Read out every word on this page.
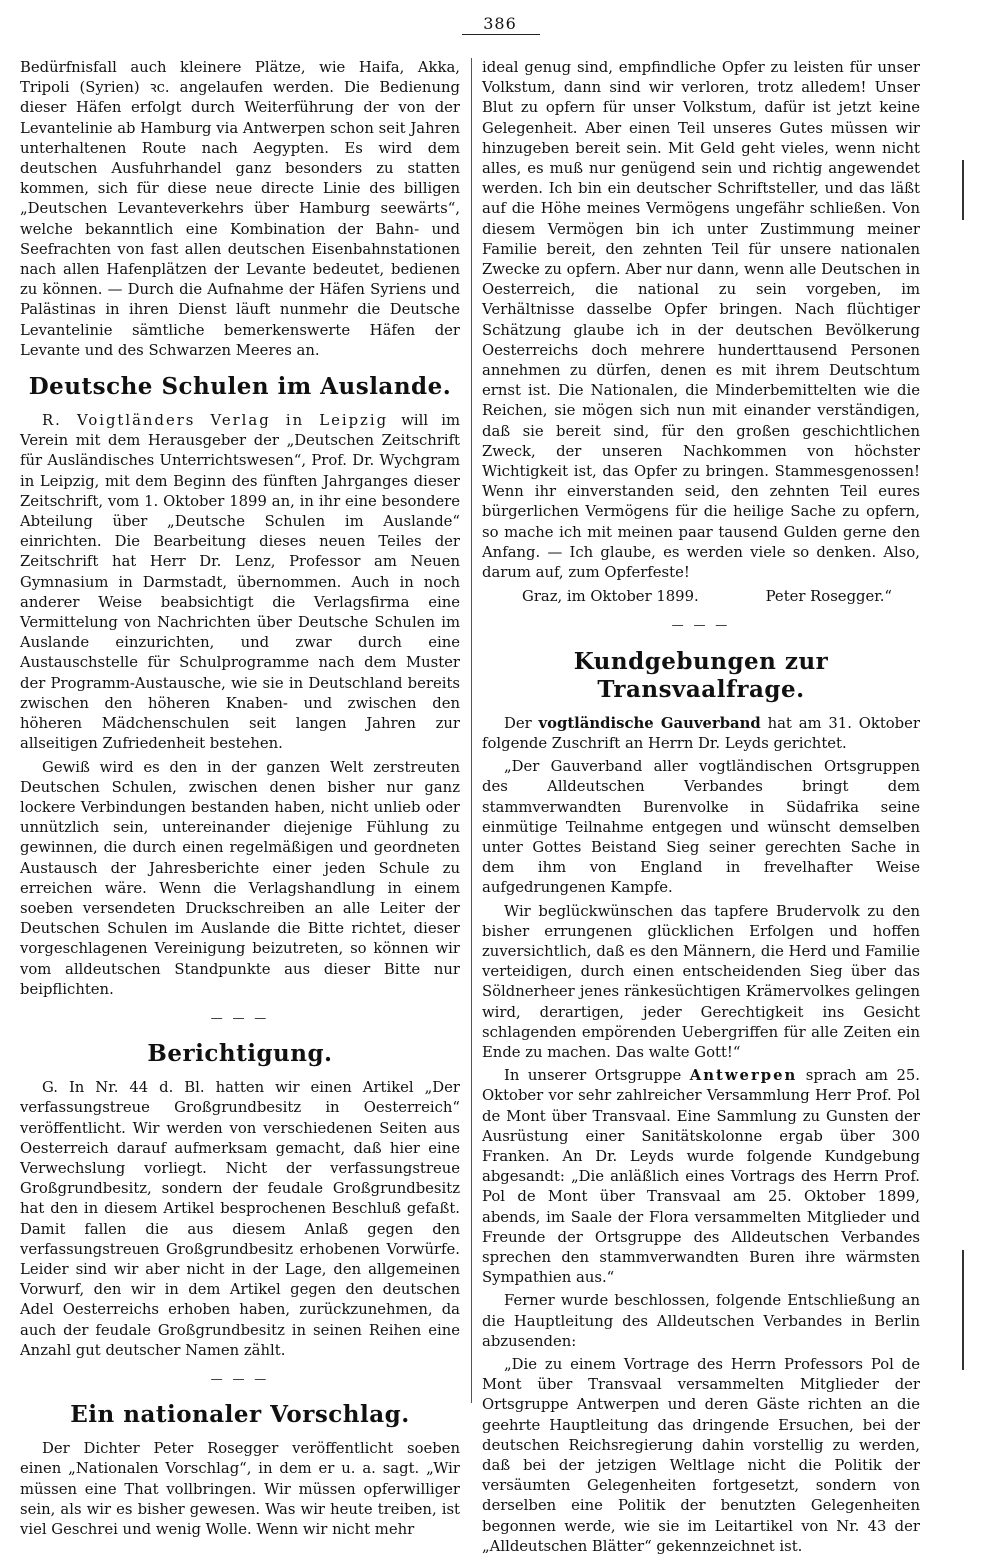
386

Bedürfnisfall auch kleinere Plätze, wie Haifa, Akka, Tripoli (Syrien) ꝛc. angelaufen werden. Die Bedienung dieser Häfen erfolgt durch Weiterführung der von der Levantelinie ab Hamburg via Antwerpen schon seit Jahren unterhaltenen Route nach Aegypten. Es wird dem deutschen Ausfuhrhandel ganz besonders zu statten kommen, sich für diese neue directe Linie des billigen „Deutschen Levanteverkehrs über Hamburg seewärts“, welche bekanntlich eine Kombination der Bahn- und Seefrachten von fast allen deutschen Eisenbahnstationen nach allen Hafenplätzen der Levante bedeutet, bedienen zu können. — Durch die Aufnahme der Häfen Syriens und Palästinas in ihren Dienst läuft nunmehr die Deutsche Levantelinie sämtliche bemerkenswerte Häfen der Levante und des Schwarzen Meeres an.

Deutsche Schulen im Auslande.

R. Voigtländers Verlag in Leipzig will im Verein mit dem Herausgeber der „Deutschen Zeitschrift für Ausländisches Unterrichtswesen“, Prof. Dr. Wychgram in Leipzig, mit dem Beginn des fünften Jahrganges dieser Zeitschrift, vom 1. Oktober 1899 an, in ihr eine besondere Abteilung über „Deutsche Schulen im Auslande“ einrichten. Die Bearbeitung dieses neuen Teiles der Zeitschrift hat Herr Dr. Lenz, Professor am Neuen Gymnasium in Darmstadt, übernommen. Auch in noch anderer Weise beabsichtigt die Verlagsfirma eine Vermittelung von Nachrichten über Deutsche Schulen im Auslande einzurichten, und zwar durch eine Austauschstelle für Schulprogramme nach dem Muster der Programm-Austausche, wie sie in Deutschland bereits zwischen den höheren Knaben- und zwischen den höheren Mädchenschulen seit langen Jahren zur allseitigen Zufriedenheit bestehen.

Gewiß wird es den in der ganzen Welt zerstreuten Deutschen Schulen, zwischen denen bisher nur ganz lockere Verbindungen bestanden haben, nicht unlieb oder unnützlich sein, untereinander diejenige Fühlung zu gewinnen, die durch einen regelmäßigen und geordneten Austausch der Jahresberichte einer jeden Schule zu erreichen wäre. Wenn die Verlagshandlung in einem soeben versendeten Druckschreiben an alle Leiter der Deutschen Schulen im Auslande die Bitte richtet, dieser vorgeschlagenen Vereinigung beizutreten, so können wir vom alldeutschen Standpunkte aus dieser Bitte nur beipflichten.

— — —
Berichtigung.

G. In Nr. 44 d. Bl. hatten wir einen Artikel „Der verfassungstreue Großgrundbesitz in Oesterreich“ veröffentlicht. Wir werden von verschiedenen Seiten aus Oesterreich darauf aufmerksam gemacht, daß hier eine Verwechslung vorliegt. Nicht der verfassungstreue Großgrundbesitz, sondern der feudale Großgrundbesitz hat den in diesem Artikel besprochenen Beschluß gefaßt. Damit fallen die aus diesem Anlaß gegen den verfassungstreuen Großgrundbesitz erhobenen Vorwürfe. Leider sind wir aber nicht in der Lage, den allgemeinen Vorwurf, den wir in dem Artikel gegen den deutschen Adel Oesterreichs erhoben haben, zurückzunehmen, da auch der feudale Großgrundbesitz in seinen Reihen eine Anzahl gut deutscher Namen zählt.

— — —
Ein nationaler Vorschlag.

Der Dichter Peter Rosegger veröffentlicht soeben einen „Nationalen Vorschlag“, in dem er u. a. sagt. „Wir müssen eine That vollbringen. Wir müssen opferwilliger sein, als wir es bisher gewesen. Was wir heute treiben, ist viel Geschrei und wenig Wolle. Wenn wir nicht mehr

ideal genug sind, empfindliche Opfer zu leisten für unser Volkstum, dann sind wir verloren, trotz alledem! Unser Blut zu opfern für unser Volkstum, dafür ist jetzt keine Gelegenheit. Aber einen Teil unseres Gutes müssen wir hinzugeben bereit sein. Mit Geld geht vieles, wenn nicht alles, es muß nur genügend sein und richtig angewendet werden. Ich bin ein deutscher Schriftsteller, und das läßt auf die Höhe meines Vermögens ungefähr schließen. Von diesem Vermögen bin ich unter Zustimmung meiner Familie bereit, den zehnten Teil für unsere nationalen Zwecke zu opfern. Aber nur dann, wenn alle Deutschen in Oesterreich, die national zu sein vorgeben, im Verhältnisse dasselbe Opfer bringen. Nach flüchtiger Schätzung glaube ich in der deutschen Bevölkerung Oesterreichs doch mehrere hunderttausend Personen annehmen zu dürfen, denen es mit ihrem Deutschtum ernst ist. Die Nationalen, die Minderbemittelten wie die Reichen, sie mögen sich nun mit einander verständigen, daß sie bereit sind, für den großen geschichtlichen Zweck, der unseren Nachkommen von höchster Wichtigkeit ist, das Opfer zu bringen. Stammesgenossen! Wenn ihr einverstanden seid, den zehnten Teil eures bürgerlichen Vermögens für die heilige Sache zu opfern, so mache ich mit meinen paar tausend Gulden gerne den Anfang. — Ich glaube, es werden viele so denken. Also, darum auf, zum Opferfeste!

Graz, im Oktober 1899.	Peter Rosegger.“
— — —
Kundgebungen zur Transvaalfrage.

Der vogtländische Gauverband hat am 31. Oktober folgende Zuschrift an Herrn Dr. Leyds gerichtet.

„Der Gauverband aller vogtländischen Ortsgruppen des Alldeutschen Verbandes bringt dem stammverwandten Burenvolke in Südafrika seine einmütige Teilnahme entgegen und wünscht demselben unter Gottes Beistand Sieg seiner gerechten Sache in dem ihm von England in frevelhafter Weise aufgedrungenen Kampfe.

Wir beglückwünschen das tapfere Brudervolk zu den bisher errungenen glücklichen Erfolgen und hoffen zuversichtlich, daß es den Männern, die Herd und Familie verteidigen, durch einen entscheidenden Sieg über das Söldnerheer jenes ränkesüchtigen Krämervolkes gelingen wird, derartigen, jeder Gerechtigkeit ins Gesicht schlagenden empörenden Uebergriffen für alle Zeiten ein Ende zu machen. Das walte Gott!“

In unserer Ortsgruppe Antwerpen sprach am 25. Oktober vor sehr zahlreicher Versammlung Herr Prof. Pol de Mont über Transvaal. Eine Sammlung zu Gunsten der Ausrüstung einer Sanitätskolonne ergab über 300 Franken. An Dr. Leyds wurde folgende Kundgebung abgesandt: „Die anläßlich eines Vortrags des Herrn Prof. Pol de Mont über Transvaal am 25. Oktober 1899, abends, im Saale der Flora versammelten Mitglieder und Freunde der Ortsgruppe des Alldeutschen Verbandes sprechen den stammverwandten Buren ihre wärmsten Sympathien aus.“

Ferner wurde beschlossen, folgende Entschließung an die Hauptleitung des Alldeutschen Verbandes in Berlin abzusenden:

„Die zu einem Vortrage des Herrn Professors Pol de Mont über Transvaal versammelten Mitglieder der Ortsgruppe Antwerpen und deren Gäste richten an die geehrte Hauptleitung das dringende Ersuchen, bei der deutschen Reichsregierung dahin vorstellig zu werden, daß bei der jetzigen Weltlage nicht die Politik der versäumten Gelegenheiten fortgesetzt, sondern von derselben eine Politik der benutzten Gelegenheiten begonnen werde, wie sie im Leitartikel von Nr. 43 der „Alldeutschen Blätter“ gekennzeichnet ist.
